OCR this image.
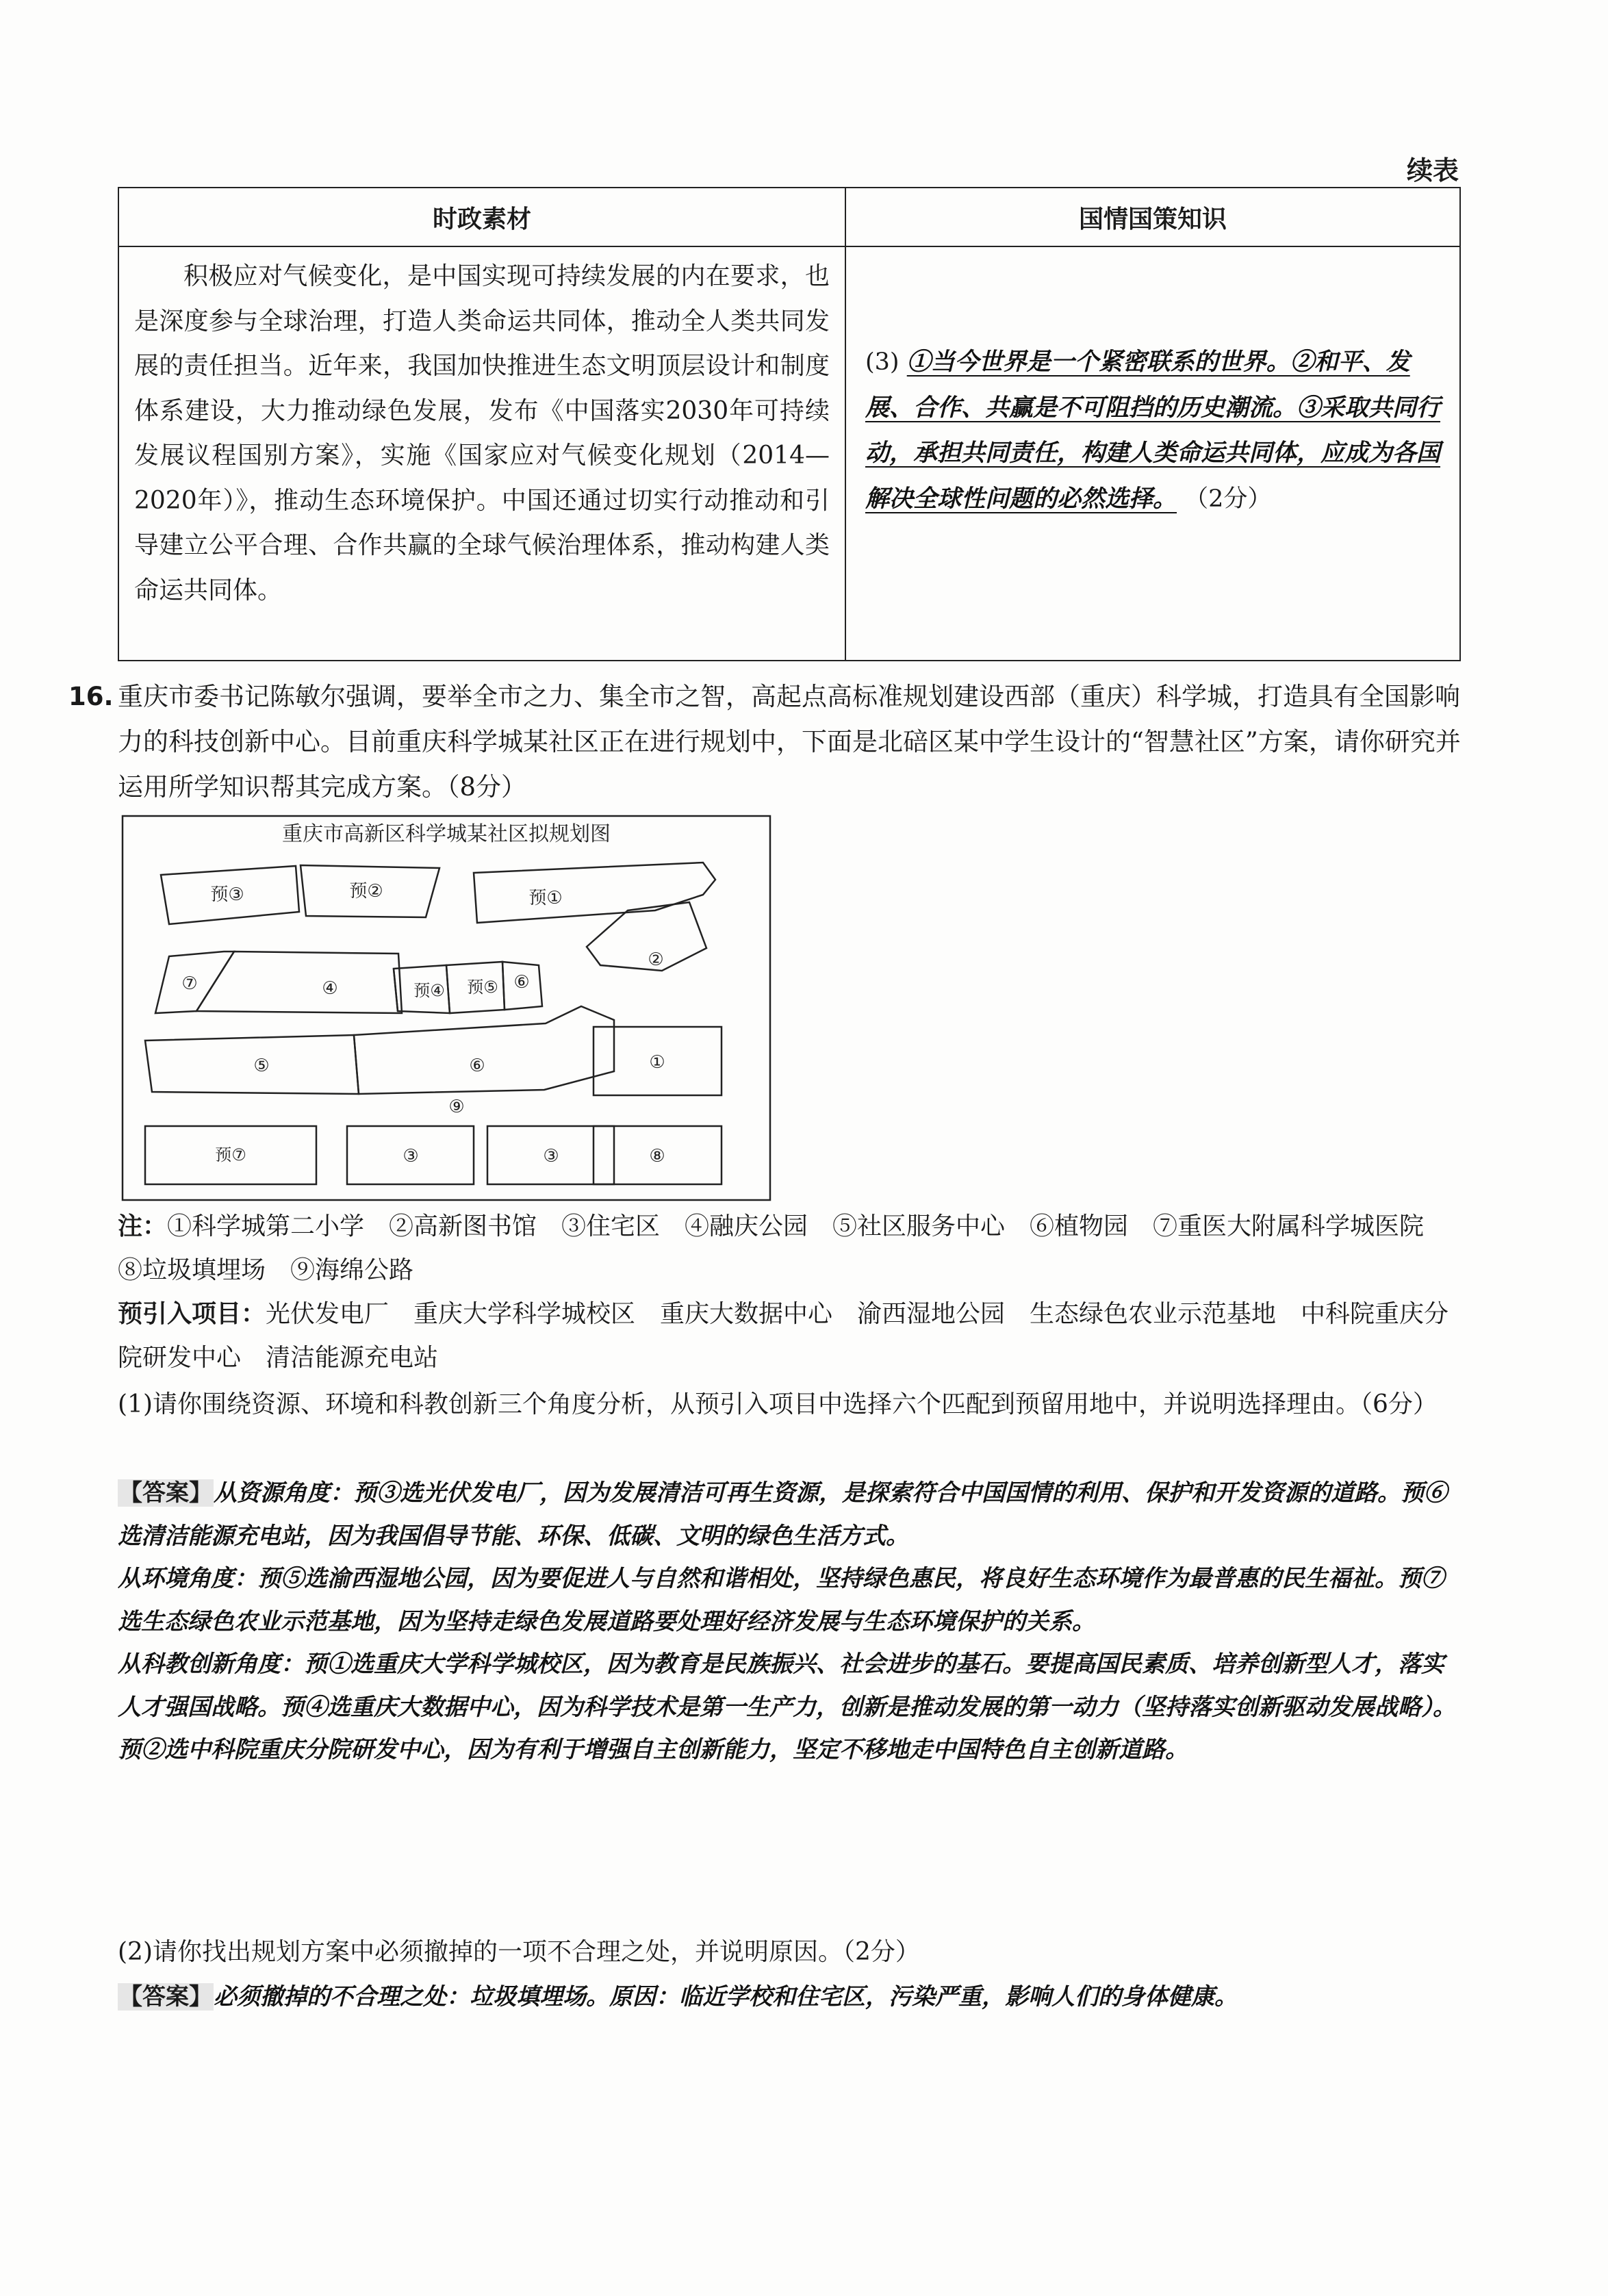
续表
时政素材	国情国策知识

积极应对气候变化，是中国实现可持续发展的内在要求，也是深度参与全球治理，打造人类命运共同体，推动全人类共同发展的责任担当。近年来，我国加快推进生态文明顶层设计和制度体系建设，大力推动绿色发展，发布《中国落实2030年可持续发展议程国别方案》，实施《国家应对气候变化规划（2014—2020年）》，推动生态环境保护。中国还通过切实行动推动和引导建立公平合理、合作共赢的全球气候治理体系，推动构建人类命运共同体。	(3) ①当今世界是一个紧密联系的世界。②和平、发展、合作、共赢是不可阻挡的历史潮流。③采取共同行动，承担共同责任，构建人类命运共同体，应成为各国解决全球性问题的必然选择。 （2分）
16. 重庆市委书记陈敏尔强调，要举全市之力、集全市之智，高起点高标准规划建设西部（重庆）科学城，打造具有全国影响力的科技创新中心。目前重庆科学城某社区正在进行规划中，下面是北碚区某中学生设计的“智慧社区”方案，请你研究并运用所学知识帮其完成方案。（8分）
重庆市高新区科学城某社区拟规划图
预③	预②	预①
⑦	④	预④ 预⑤ ⑥
②
⑤	⑥	①
⑨
预⑦	③	③	⑧
注：①科学城第二小学　②高新图书馆　③住宅区　④融庆公园　⑤社区服务中心　⑥植物园　⑦重医大附属科学城医院　⑧垃圾填埋场　⑨海绵公路
预引入项目：光伏发电厂　重庆大学科学城校区　重庆大数据中心　渝西湿地公园　生态绿色农业示范基地　中科院重庆分院研发中心　清洁能源充电站
(1)请你围绕资源、环境和科教创新三个角度分析，从预引入项目中选择六个匹配到预留用地中，并说明选择理由。（6分）
【答案】从资源角度：预③选光伏发电厂，因为发展清洁可再生资源，是探索符合中国国情的利用、保护和开发资源的道路。预⑥选清洁能源充电站，因为我国倡导节能、环保、低碳、文明的绿色生活方式。
从环境角度：预⑤选渝西湿地公园，因为要促进人与自然和谐相处，坚持绿色惠民，将良好生态环境作为最普惠的民生福祉。预⑦选生态绿色农业示范基地，因为坚持走绿色发展道路要处理好经济发展与生态环境保护的关系。
从科教创新角度：预①选重庆大学科学城校区，因为教育是民族振兴、社会进步的基石。要提高国民素质、培养创新型人才，落实人才强国战略。预④选重庆大数据中心，因为科学技术是第一生产力，创新是推动发展的第一动力（坚持落实创新驱动发展战略）。预②选中科院重庆分院研发中心，因为有利于增强自主创新能力，坚定不移地走中国特色自主创新道路。
(2)请你找出规划方案中必须撤掉的一项不合理之处，并说明原因。（2分）
【答案】必须撤掉的不合理之处：垃圾填埋场。原因：临近学校和住宅区，污染严重，影响人们的身体健康。
